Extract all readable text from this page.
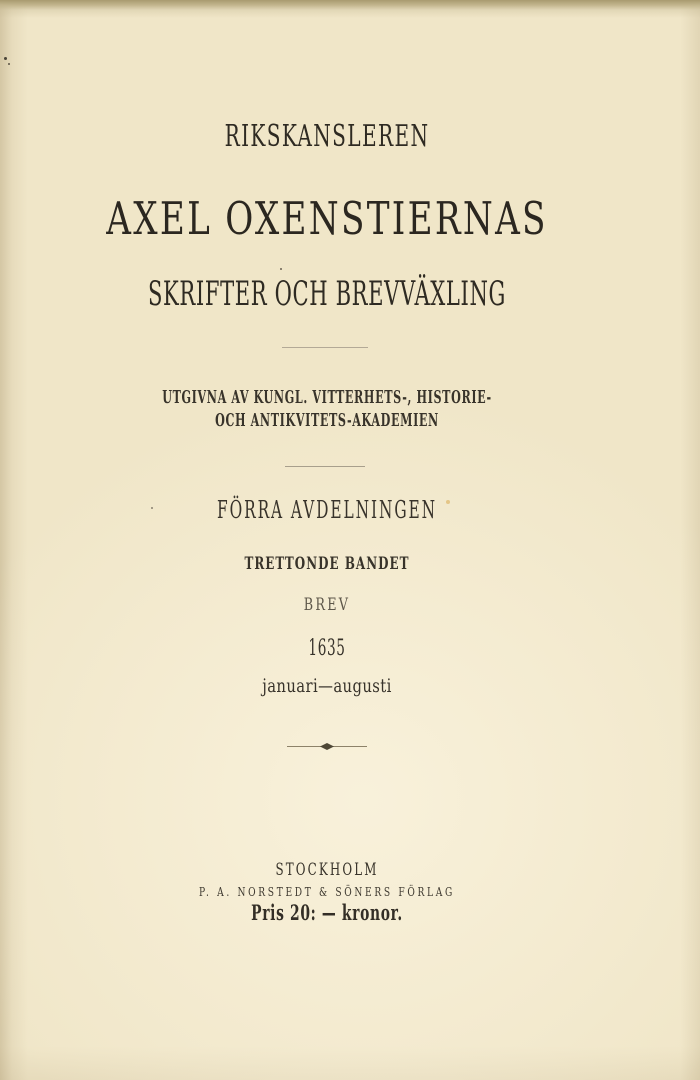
RIKSKANSLEREN
AXEL OXENSTIERNAS
SKRIFTER OCH BREVVÄXLING
UTGIVNA AV KUNGL. VITTERHETS-, HISTORIE-
OCH ANTIKVITETS-AKADEMIEN
FÖRRA AVDELNINGEN
TRETTONDE BANDET
BREV
1635
januari—augusti
STOCKHOLM
P. A. NORSTEDT & SÖNERS FÖRLAG
Pris 20: — kronor.
